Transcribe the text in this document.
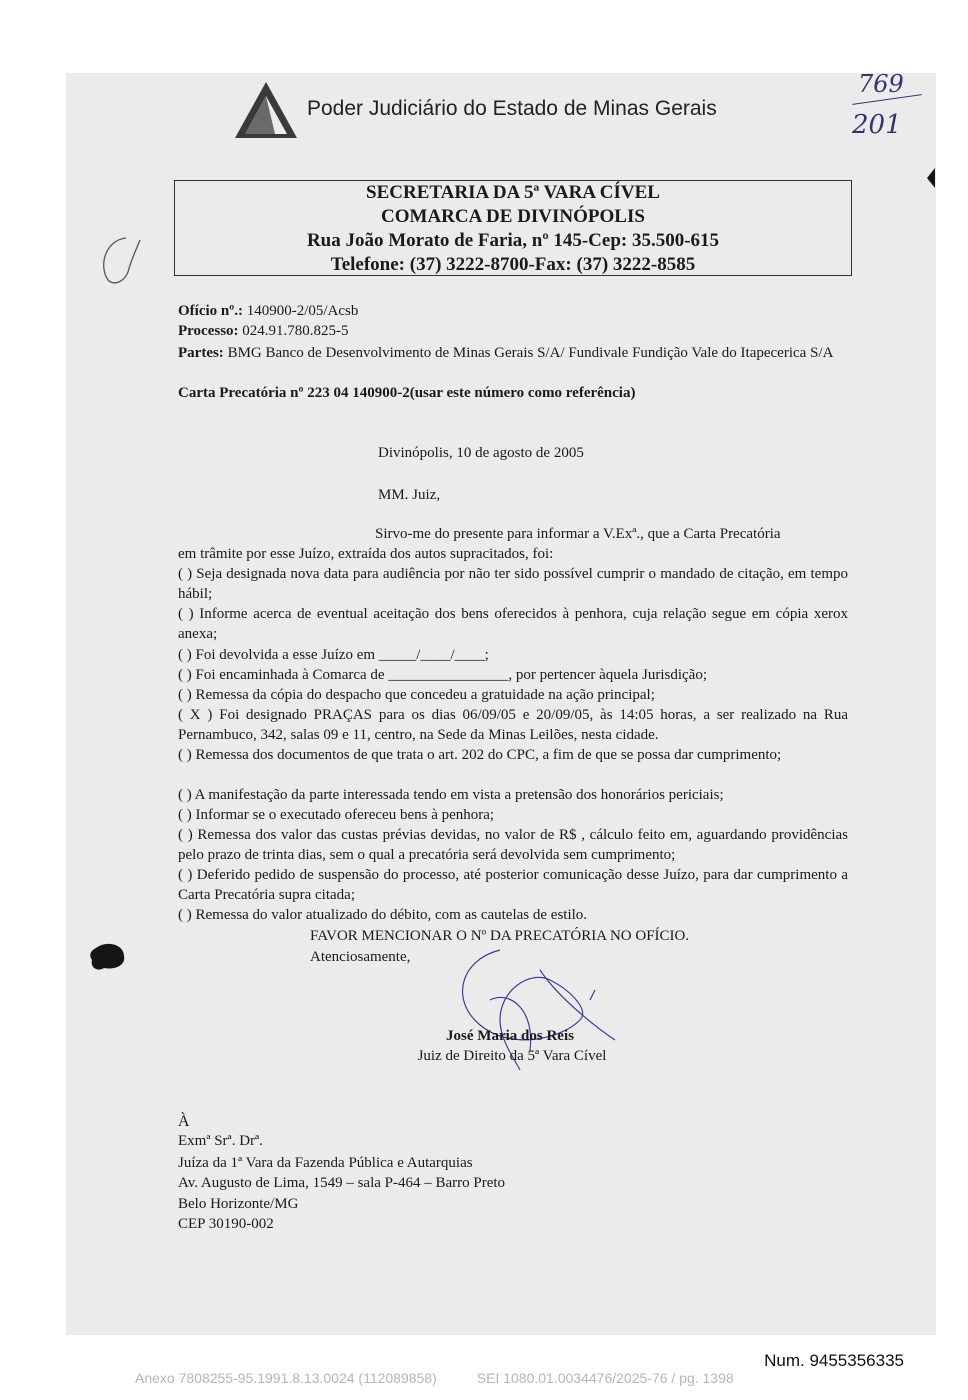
Poder Judiciário do Estado de Minas Gerais
769
201
SECRETARIA DA 5ª VARA CÍVEL
COMARCA DE DIVINÓPOLIS
Rua João Morato de Faria, nº 145-Cep: 35.500-615
Telefone: (37) 3222-8700-Fax: (37) 3222-8585
Ofício nº.: 140900-2/05/Acsb
Processo: 024.91.780.825-5
Partes: BMG Banco de Desenvolvimento de Minas Gerais S/A/ Fundivale Fundição Vale do Itapecerica S/A
Carta Precatória nº 223 04 140900-2(usar este número como referência)
Divinópolis, 10 de agosto de 2005
MM. Juiz,
Sirvo-me do presente para informar a V.Exª., que a Carta Precatória
em trâmite por esse Juízo, extraída dos autos supracitados, foi:
( ) Seja designada nova data para audiência por não ter sido possível cumprir o mandado de citação, em tempo hábil;
( ) Informe acerca de eventual aceitação dos bens oferecidos à penhora, cuja relação segue em cópia xerox anexa;
( ) Foi devolvida a esse Juízo em _____/____/____;
( ) Foi encaminhada à Comarca de ________________, por pertencer àquela Jurisdição;
( ) Remessa da cópia do despacho que concedeu a gratuidade na ação principal;
( X ) Foi designado PRAÇAS para os dias 06/09/05 e 20/09/05, às 14:05 horas, a ser realizado na Rua Pernambuco, 342, salas 09 e 11, centro, na Sede da Minas Leilões, nesta cidade.
( ) Remessa dos documentos de que trata o art. 202 do CPC, a fim de que se possa dar cumprimento;
( ) A manifestação da parte interessada tendo em vista a pretensão dos honorários periciais;
( ) Informar se o executado ofereceu bens à penhora;
( ) Remessa dos valor das custas prévias devidas, no valor de R$ , cálculo feito em, aguardando providências pelo prazo de trinta dias, sem o qual a precatória será devolvida sem cumprimento;
( ) Deferido pedido de suspensão do processo, até posterior comunicação desse Juízo, para dar cumprimento a Carta Precatória supra citada;
( ) Remessa do valor atualizado do débito, com as cautelas de estilo.
FAVOR MENCIONAR O Nº DA PRECATÓRIA NO OFÍCIO.
Atenciosamente,
José Maria dos Reis
Juiz de Direito da 5ª Vara Cível
À
Exmª Srª. Drª.
Juíza da 1ª Vara da Fazenda Pública e Autarquias
Av. Augusto de Lima, 1549 – sala P-464 – Barro Preto
Belo Horizonte/MG
CEP 30190-002
Num. 9455356335
Anexo 7808255-95.1991.8.13.0024 (112089858)	SEI 1080.01.0034476/2025-76 / pg. 1398
